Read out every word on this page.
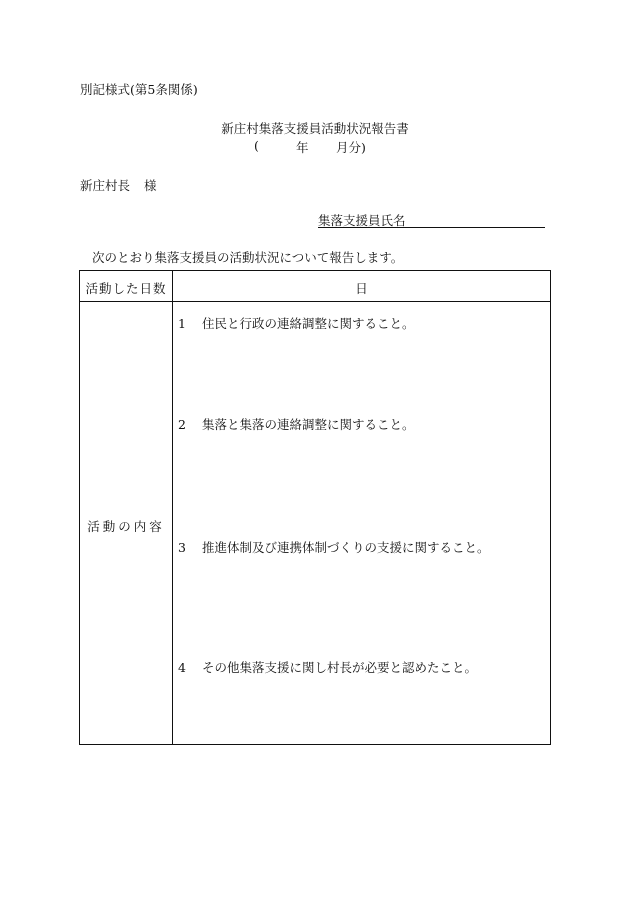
別記様式(第5条関係)
新庄村集落支援員活動状況報告書
(	年 月分)
新庄村長 様
集落支援員氏名
次のとおり集落支援員の活動状況について報告します。
活動した日数	日
活動の内容
1 住民と行政の連絡調整に関すること。
2 集落と集落の連絡調整に関すること。
3 推進体制及び連携体制づくりの支援に関すること。
4 その他集落支援に関し村長が必要と認めたこと。
